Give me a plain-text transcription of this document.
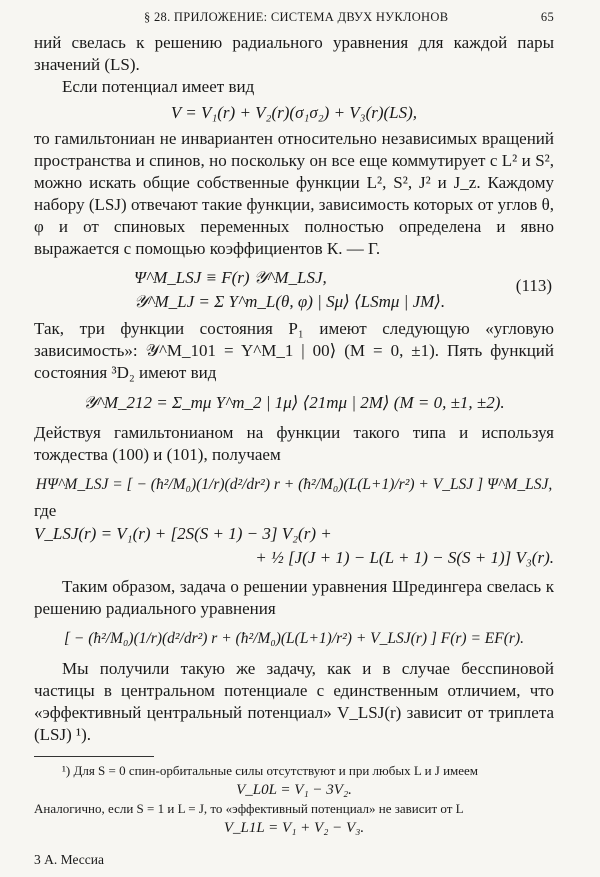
§ 28. ПРИЛОЖЕНИЕ: СИСТЕМА ДВУХ НУКЛОНОВ	65

ний свелась к решению радиального уравнения для каждой пары значений (LS).

Если потенциал имеет вид

V = V₁(r) + V₂(r)(σ₁σ₂) + V₃(r)(LS),

то гамильтониан не инвариантен относительно независимых вращений пространства и спинов, но поскольку он все еще коммутирует с L² и S², можно искать общие собственные функции L², S², J² и J_z. Каждому набору (LSJ) отвечают такие функции, зависимость которых от углов θ, φ и от спиновых переменных полностью определена и явно выражается с помощью коэффициентов К. — Г.

Ψ^M_LSJ ≡ F(r) 𝒴^M_LSJ,
𝒴^M_LJ = Σ Y^m_L(θ, φ) | Sμ⟩ ⟨LSmμ | JM⟩.
(113)

Так, три функции состояния P₁ имеют следующую «угловую зависимость»: 𝒴^M_101 = Y^M_1 | 00⟩ (M = 0, ±1). Пять функций состояния ³D₂ имеют вид

𝒴^M_212 = Σ_mμ Y^m_2 | 1μ⟩ ⟨21mμ | 2M⟩ (M = 0, ±1, ±2).

Действуя гамильтонианом на функции такого типа и используя тождества (100) и (101), получаем

HΨ^M_LSJ = [ − (ħ²/M₀)(1/r)(d²/dr²) r + (ħ²/M₀)(L(L+1)/r²) + V_LSJ ] Ψ^M_LSJ,

где

V_LSJ(r) = V₁(r) + [2S(S + 1) − 3] V₂(r) +
+ ½ [J(J + 1) − L(L + 1) − S(S + 1)] V₃(r).

Таким образом, задача о решении уравнения Шредингера свелась к решению радиального уравнения

[ − (ħ²/M₀)(1/r)(d²/dr²) r + (ħ²/M₀)(L(L+1)/r²) + V_LSJ(r) ] F(r) = EF(r).

Мы получили такую же задачу, как и в случае бесспиновой частицы в центральном потенциале с единственным отличием, что «эффективный центральный потенциал» V_LSJ(r) зависит от триплета (LSJ) ¹).

¹) Для S = 0 спин-орбитальные силы отсутствуют и при любых L и J имеем

V_L0L = V₁ − 3V₂.

Аналогично, если S = 1 и L = J, то «эффективный потенциал» не зависит от L

V_L1L = V₁ + V₂ − V₃.
3 А. Мессиа
